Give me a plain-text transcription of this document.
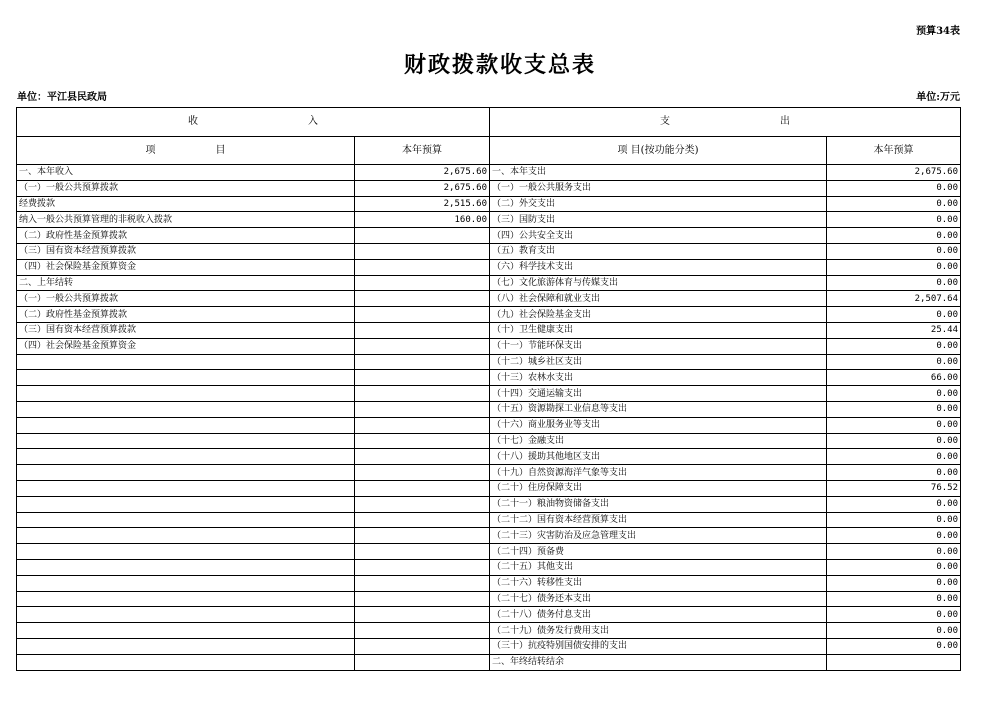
预算34表
财政拨款收支总表
单位：平江县民政局	单位:万元
收入		支出	
项目	本年预算	项 目(按功能分类)	本年预算
一、本年收入	2,675.60	一、本年支出	2,675.60
（一）一般公共预算拨款	2,675.60	（一）一般公共服务支出	0.00
经费拨款	2,515.60	（二）外交支出	0.00
纳入一般公共预算管理的非税收入拨款	160.00	（三）国防支出	0.00
（二）政府性基金预算拨款		（四）公共安全支出	0.00
（三）国有资本经营预算拨款		（五）教育支出	0.00
（四）社会保险基金预算资金		（六）科学技术支出	0.00
二、上年结转		（七）文化旅游体育与传媒支出	0.00
（一）一般公共预算拨款		（八）社会保障和就业支出	2,507.64
（二）政府性基金预算拨款		（九）社会保险基金支出	0.00
（三）国有资本经营预算拨款		（十）卫生健康支出	25.44
（四）社会保险基金预算资金		（十一）节能环保支出	0.00
		（十二）城乡社区支出	0.00
		（十三）农林水支出	66.00
		（十四）交通运输支出	0.00
		（十五）资源勘探工业信息等支出	0.00
		（十六）商业服务业等支出	0.00
		（十七）金融支出	0.00
		（十八）援助其他地区支出	0.00
		（十九）自然资源海洋气象等支出	0.00
		（二十）住房保障支出	76.52
		（二十一）粮油物资储备支出	0.00
		（二十二）国有资本经营预算支出	0.00
		（二十三）灾害防治及应急管理支出	0.00
		（二十四）预备费	0.00
		（二十五）其他支出	0.00
		（二十六）转移性支出	0.00
		（二十七）债务还本支出	0.00
		（二十八）债务付息支出	0.00
		（二十九）债务发行费用支出	0.00
		（三十）抗疫特别国债安排的支出	0.00
		二、年终结转结余	
